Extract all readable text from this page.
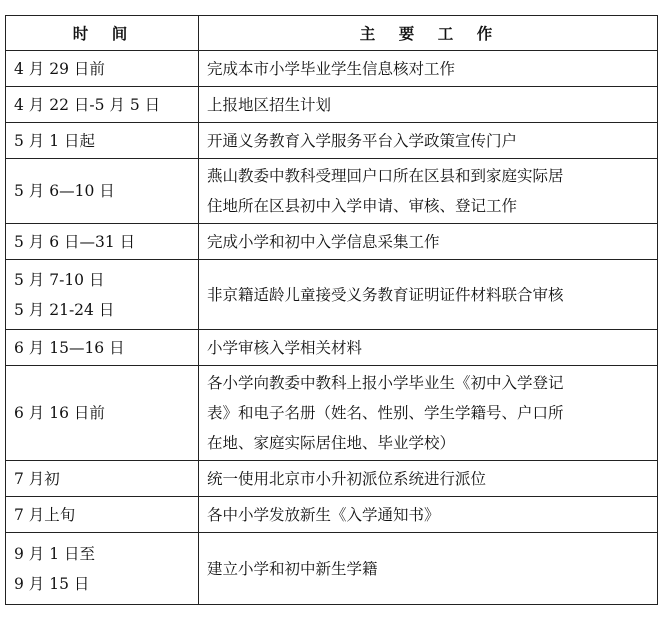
时　间	主　要　工　作

4 月 29 日前	完成本市小学毕业学生信息核对工作

4 月 22 日-5 月 5 日	上报地区招生计划

5 月 1 日起	开通义务教育入学服务平台入学政策宣传门户

5 月 6—10 日	燕山教委中教科受理回户口所在区县和到家庭实际居
住地所在区县初中入学申请、审核、登记工作

5 月 6 日—31 日	完成小学和初中入学信息采集工作

5 月 7-10 日
5 月 21-24 日	非京籍适龄儿童接受义务教育证明证件材料联合审核

6 月 15—16 日	小学审核入学相关材料

6 月 16 日前	各小学向教委中教科上报小学毕业生《初中入学登记
表》和电子名册（姓名、性别、学生学籍号、户口所
在地、家庭实际居住地、毕业学校）

7 月初	统一使用北京市小升初派位系统进行派位

7 月上旬	各中小学发放新生《入学通知书》

9 月 1 日至
9 月 15 日	建立小学和初中新生学籍
